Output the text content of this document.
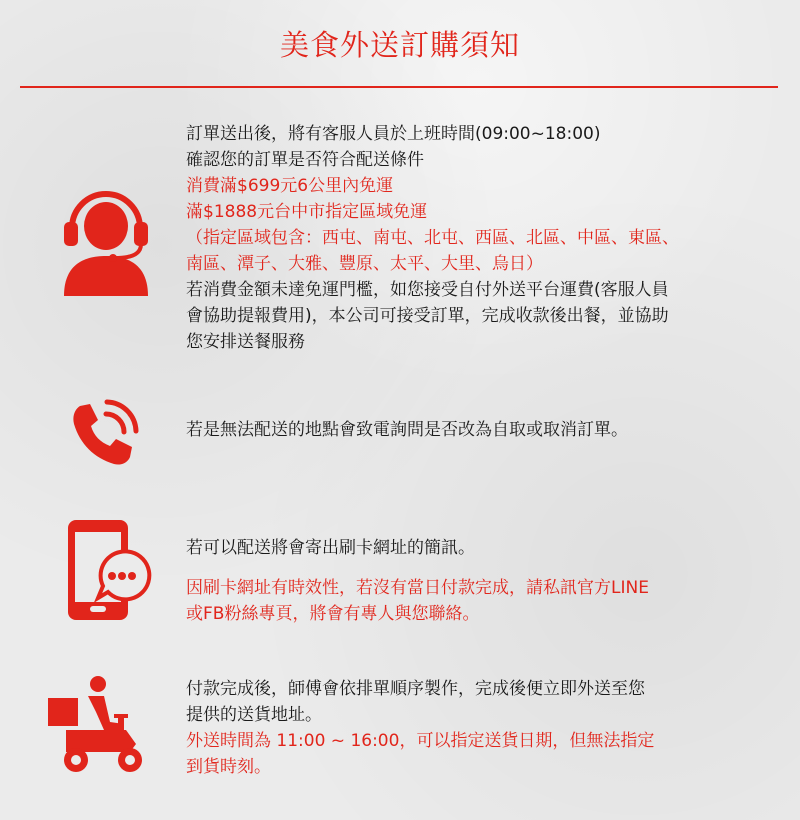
美食外送訂購須知

訂單送出後，將有客服人員於上班時間(09:00~18:00)

確認您的訂單是否符合配送條件

消費滿$699元6公里內免運

滿$1888元台中市指定區域免運

（指定區域包含：西屯、南屯、北屯、西區、北區、中區、東區、

南區、潭子、大雅、豐原、太平、大里、烏日）

若消費金額未達免運門檻，如您接受自付外送平台運費(客服人員

會協助提報費用)，本公司可接受訂單，完成收款後出餐，並協助

您安排送餐服務

若是無法配送的地點會致電詢問是否改為自取或取消訂單。

若可以配送將會寄出刷卡網址的簡訊。

因刷卡網址有時效性，若沒有當日付款完成，請私訊官方LINE

或FB粉絲專頁，將會有專人與您聯絡。

付款完成後，師傅會依排單順序製作，完成後便立即外送至您

提供的送貨地址。

外送時間為 11:00 ~ 16:00，可以指定送貨日期，但無法指定

到貨時刻。
